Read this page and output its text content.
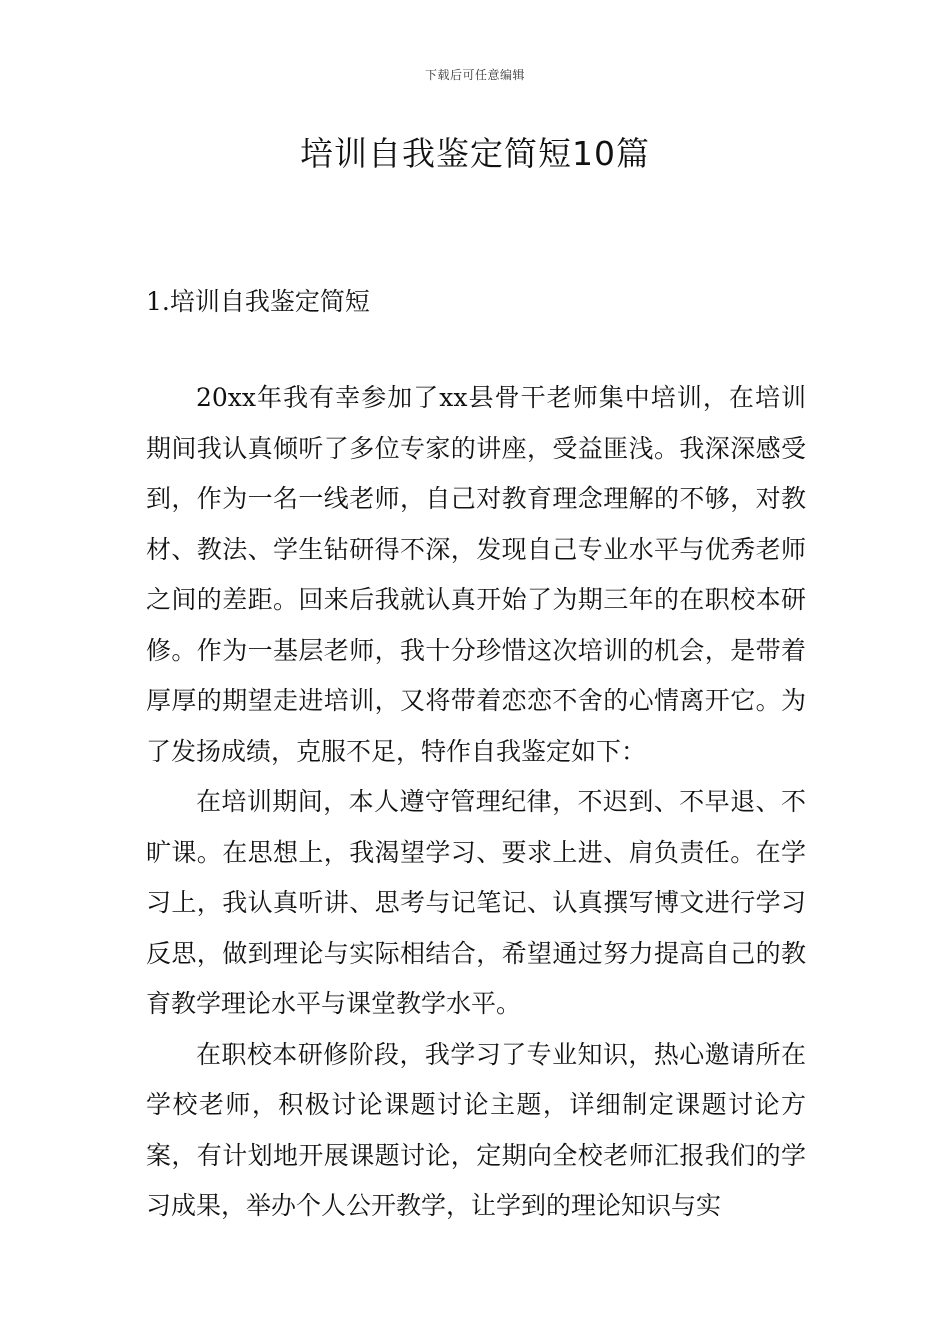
下载后可任意编辑
培训自我鉴定简短10篇
1.培训自我鉴定简短

20xx年我有幸参加了xx县骨干老师集中培训，在培训期间我认真倾听了多位专家的讲座，受益匪浅。我深深感受到，作为一名一线老师，自己对教育理念理解的不够，对教材、教法、学生钻研得不深，发现自己专业水平与优秀老师之间的差距。回来后我就认真开始了为期三年的在职校本研修。作为一基层老师，我十分珍惜这次培训的机会，是带着厚厚的期望走进培训，又将带着恋恋不舍的心情离开它。为了发扬成绩，克服不足，特作自我鉴定如下：

在培训期间，本人遵守管理纪律，不迟到、不早退、不旷课。在思想上，我渴望学习、要求上进、肩负责任。在学习上，我认真听讲、思考与记笔记、认真撰写博文进行学习反思，做到理论与实际相结合，希望通过努力提高自己的教育教学理论水平与课堂教学水平。

在职校本研修阶段，我学习了专业知识，热心邀请所在学校老师，积极讨论课题讨论主题，详细制定课题讨论方案，有计划地开展课题讨论，定期向全校老师汇报我们的学习成果，举办个人公开教学，让学到的理论知识与实
